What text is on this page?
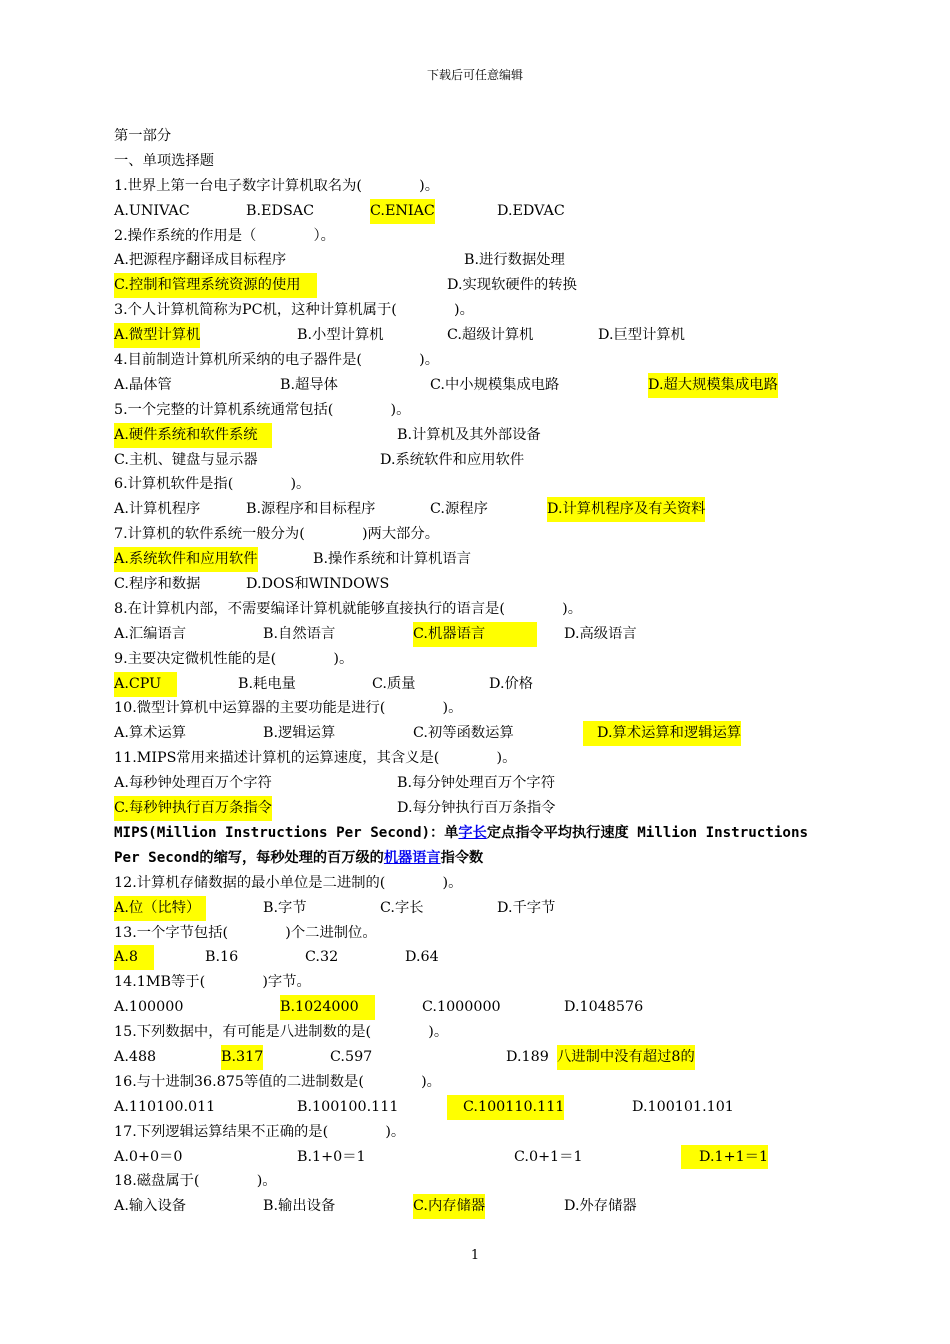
下载后可任意编辑
第一部分
一、单项选择题
1.世界上第一台电子数字计算机取名为(　　　　)。
A.UNIVAC	B.EDSAC	C.ENIAC	D.EDVAC
2.操作系统的作用是（　　　　）。
A.把源程序翻译成目标程序	B.进行数据处理
C.控制和管理系统资源的使用	D.实现软硬件的转换
3.个人计算机简称为PC机，这种计算机属于(　　　　)。
A.微型计算机	B.小型计算机	C.超级计算机	D.巨型计算机
4.目前制造计算机所采纳的电子器件是(　　　　)。
A.晶体管	B.超导体	C.中小规模集成电路	D.超大规模集成电路
5.一个完整的计算机系统通常包括(　　　　)。
A.硬件系统和软件系统	B.计算机及其外部设备
C.主机、键盘与显示器	D.系统软件和应用软件
6.计算机软件是指(　　　　)。
A.计算机程序	B.源程序和目标程序	C.源程序	D.计算机程序及有关资料
7.计算机的软件系统一般分为(　　　　)两大部分。
A.系统软件和应用软件	B.操作系统和计算机语言
C.程序和数据	D.DOS和WINDOWS
8.在计算机内部，不需要编译计算机就能够直接执行的语言是(　　　　)。
A.汇编语言	B.自然语言	C.机器语言	D.高级语言
9.主要决定微机性能的是(　　　　)。
A.CPU	B.耗电量	C.质量	D.价格
10.微型计算机中运算器的主要功能是进行(　　　　)。
A.算术运算	B.逻辑运算	C.初等函数运算	D.算术运算和逻辑运算
11.MIPS常用来描述计算机的运算速度，其含义是(　　　　)。
A.每秒钟处理百万个字符	B.每分钟处理百万个字符
C.每秒钟执行百万条指令	D.每分钟执行百万条指令
MIPS(Million Instructions Per Second)：单字长定点指令平均执行速度 Million Instructions
Per Second的缩写，每秒处理的百万级的机器语言指令数
12.计算机存储数据的最小单位是二进制的(　　　　)。
A.位（比特）	B.字节	C.字长	D.千字节
13.一个字节包括(　　　　)个二进制位。
A.8	B.16	C.32	D.64
14.1MB等于(　　　　)字节。
A.100000	B.1024000	C.1000000	D.1048576
15.下列数据中，有可能是八进制数的是(　　　　)。
A.488	B.317	C.597	D.189 八进制中没有超过8的
16.与十进制36.875等值的二进制数是(　　　　)。
A.110100.011	B.100100.111	C.100110.111	D.100101.101
17.下列逻辑运算结果不正确的是(　　　　)。
A.0+0＝0	B.1+0＝1	C.0+1＝1	D.1+1＝1
18.磁盘属于(　　　　)。
A.输入设备	B.输出设备	C.内存储器	D.外存储器
1
